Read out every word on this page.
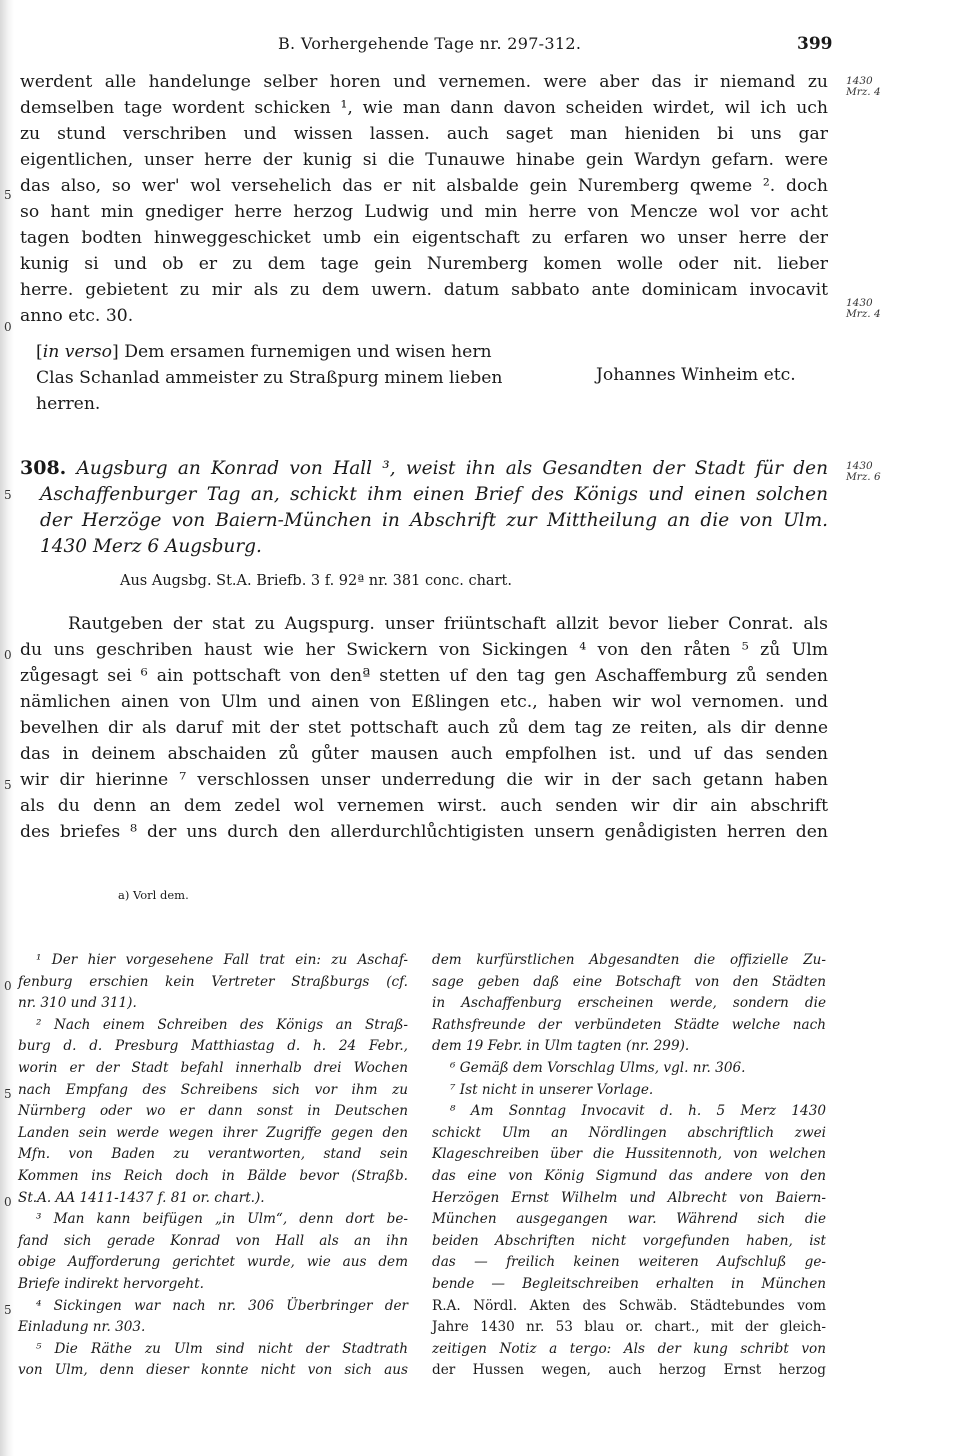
B. Vorhergehende Tage nr. 297-312.	399
1430
Mrz. 4
1430
Mrz. 4
5
0
werdent alle handelunge selber horen und vernemen. were aber das ir niemand zu
demselben tage wordent schicken ¹, wie man dann davon scheiden wirdet, wil ich uch
zu stund verschriben und wissen lassen. auch saget man hieniden bi uns gar
eigentlichen, unser herre der kunig si die Tunauwe hinabe gein Wardyn gefarn. were
das also, so wer' wol versehelich das er nit alsbalde gein Nuremberg qweme ². doch
so hant min gnediger herre herzog Ludwig und min herre von Mencze wol vor acht
tagen bodten hinweggeschicket umb ein eigentschaft zu erfaren wo unser herre der
kunig si und ob er zu dem tage gein Nuremberg komen wolle oder nit. lieber
herre. gebietent zu mir als zu dem uwern. datum sabbato ante dominicam invocavit
anno etc. 30.
[in verso] Dem ersamen furnemigen und wisen hern
Clas Schanlad ammeister zu Straßpurg minem lieben
herren.
Johannes Winheim etc.
308. Augsburg an Konrad von Hall ³, weist ihn als Gesandten der Stadt für den
Aschaffenburger Tag an, schickt ihm einen Brief des Königs und einen solchen
der Herzöge von Baiern-München in Abschrift zur Mittheilung an die von Ulm.
1430 Merz 6 Augsburg.
5
1430
Mrz. 6
Aus Augsbg. St.A. Briefb. 3 f. 92ª nr. 381 conc. chart.
Rautgeben der stat zu Augspurg. unser friüntschaft allzit bevor lieber Conrat. als
du uns geschriben haust wie her Swickern von Sickingen ⁴ von den råten ⁵ zů Ulm
zůgesagt sei ⁶ ain pottschaft von denª stetten uf den tag gen Aschaffemburg zů senden
nämlichen ainen von Ulm und ainen von Eßlingen etc., haben wir wol vernomen. und
bevelhen dir als daruf mit der stet pottschaft auch zů dem tag ze reiten, als dir denne
das in deinem abschaiden zů gůter mausen auch empfolhen ist. und uf das senden
wir dir hierinne ⁷ verschlossen unser underredung die wir in der sach getann haben
als du denn an dem zedel wol vernemen wirst. auch senden wir dir ain abschrift
des briefes ⁸ der uns durch den allerdurchlůchtigisten unsern genådigisten herren den
0
5
a) Vorl dem.
¹ Der hier vorgesehene Fall trat ein: zu Aschaf-
fenburg erschien kein Vertreter Straßburgs (cf.
nr. 310 und 311).
² Nach einem Schreiben des Königs an Straß-
burg d. d. Presburg Matthiastag d. h. 24 Febr.,
worin er der Stadt befahl innerhalb drei Wochen
nach Empfang des Schreibens sich vor ihm zu
Nürnberg oder wo er dann sonst in Deutschen
Landen sein werde wegen ihrer Zugriffe gegen den
Mfn. von Baden zu verantworten, stand sein
Kommen ins Reich doch in Bälde bevor (Straßb.
St.A. AA 1411-1437 f. 81 or. chart.).
³ Man kann beifügen „in Ulm“, denn dort be-
fand sich gerade Konrad von Hall als an ihn
obige Aufforderung gerichtet wurde, wie aus dem
Briefe indirekt hervorgeht.
⁴ Sickingen war nach nr. 306 Überbringer der
Einladung nr. 303.
⁵ Die Räthe zu Ulm sind nicht der Stadtrath
von Ulm, denn dieser konnte nicht von sich aus
dem kurfürstlichen Abgesandten die offizielle Zu-
sage geben daß eine Botschaft von den Städten
in Aschaffenburg erscheinen werde, sondern die
Rathsfreunde der verbündeten Städte welche nach
dem 19 Febr. in Ulm tagten (nr. 299).
⁶ Gemäß dem Vorschlag Ulms, vgl. nr. 306.
⁷ Ist nicht in unserer Vorlage.
⁸ Am Sonntag Invocavit d. h. 5 Merz 1430
schickt Ulm an Nördlingen abschriftlich zwei
Klageschreiben über die Hussitennoth, von welchen
das eine von König Sigmund das andere von den
Herzögen Ernst Wilhelm und Albrecht von Baiern-
München ausgegangen war. Während sich die
beiden Abschriften nicht vorgefunden haben, ist
das — freilich keinen weiteren Aufschluß ge-
bende — Begleitschreiben erhalten in München
R.A. Nördl. Akten des Schwäb. Städtebundes vom
Jahre 1430 nr. 53 blau or. chart., mit der gleich-
zeitigen Notiz a tergo: Als der kung schribt von
der Hussen wegen, auch herzog Ernst herzog
0
5
0
5
